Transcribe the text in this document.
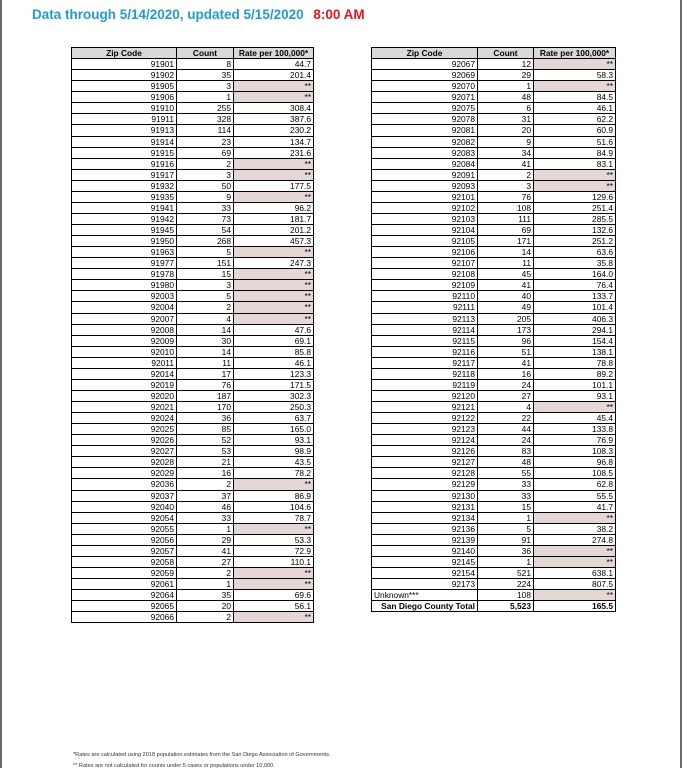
Data through 5/14/2020, updated 5/15/2020 8:00 AM
Zip Code	Count	Rate per 100,000*
91901	8	44.7
91902	35	201.4
91905	3	**
91906	1	**
91910	255	308.4
91911	328	387.6
91913	114	230.2
91914	23	134.7
91915	69	231.6
91916	2	**
91917	3	**
91932	50	177.5
91935	9	**
91941	33	96.2
91942	73	181.7
91945	54	201.2
91950	268	457.3
91963	5	**
91977	151	247.3
91978	15	**
91980	3	**
92003	5	**
92004	2	**
92007	4	**
92008	14	47.6
92009	30	69.1
92010	14	85.8
92011	11	46.1
92014	17	123.3
92019	76	171.5
92020	187	302.3
92021	170	250.3
92024	36	63.7
92025	85	165.0
92026	52	93.1
92027	53	98.9
92028	21	43.5
92029	16	78.2
92036	2	**
92037	37	86.9
92040	46	104.6
92054	33	78.7
92055	1	**
92056	29	53.3
92057	41	72.9
92058	27	110.1
92059	2	**
92061	1	**
92064	35	69.6
92065	20	56.1
92066	2	**
Zip Code	Count	Rate per 100,000*
92067	12	**
92069	29	58.3
92070	1	**
92071	48	84.5
92075	6	46.1
92078	31	62.2
92081	20	60.9
92082	9	51.6
92083	34	84.9
92084	41	83.1
92091	2	**
92093	3	**
92101	76	129.6
92102	108	251.4
92103	111	285.5
92104	69	132.6
92105	171	251.2
92106	14	63.6
92107	11	35.8
92108	45	164.0
92109	41	76.4
92110	40	133.7
92111	49	101.4
92113	205	406.3
92114	173	294.1
92115	96	154.4
92116	51	138.1
92117	41	78.8
92118	16	89.2
92119	24	101.1
92120	27	93.1
92121	4	**
92122	22	45.4
92123	44	133.8
92124	24	76.9
92126	83	108.3
92127	48	96.8
92128	55	108.5
92129	33	62.8
92130	33	55.5
92131	15	41.7
92134	1	**
92136	5	38.2
92139	91	274.8
92140	36	**
92145	1	**
92154	521	638.1
92173	224	807.5
Unknown***	108	**
San Diego County Total	5,523	165.5
*Rates are calculated using 2018 population estimates from the San Diego Association of Governments.
** Rates are not calculated for counts under 5 cases or populations under 10,000.
